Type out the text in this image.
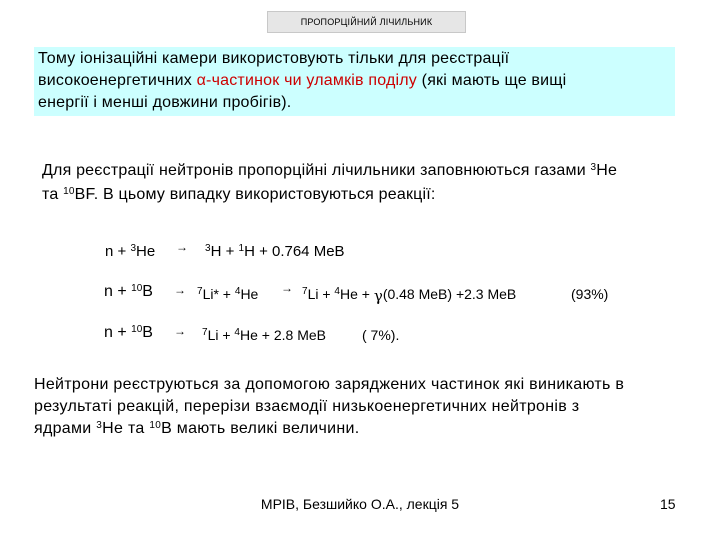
ПРОПОРЦІЙНИЙ ЛІЧИЛЬНИК
Тому іонізаційні камери використовують тільки для реєстрації
високоенергетичних α-частинок чи уламків поділу (які мають ще вищі
енергії і менші довжини пробігів).
Для реєстрації нейтронів пропорційні лічильники заповнюються газами $^3$He
та $^{10}$BF. В цьому випадку використовуються реакції:
n + $^3$He → $^3$H + $^1$H + 0.764 MeB
n + $^{10}$B → $^7$Li* + $^4$He → $^7$Li + $^4$He + γ(0.48 MeB) +2.3 MeB	(93%)
n + $^{10}$B → $^7$Li + $^4$He + 2.8 MeB	( 7%).
Нейтрони реєструються за допомогою заряджених частинок які виникають в
результаті реакцій, перерізи взаємодії низькоенергетичних нейтронів з
ядрами $^3$He та $^{10}$B мають великі величини.
МРІВ, Безшийко О.А., лекція 5	15
